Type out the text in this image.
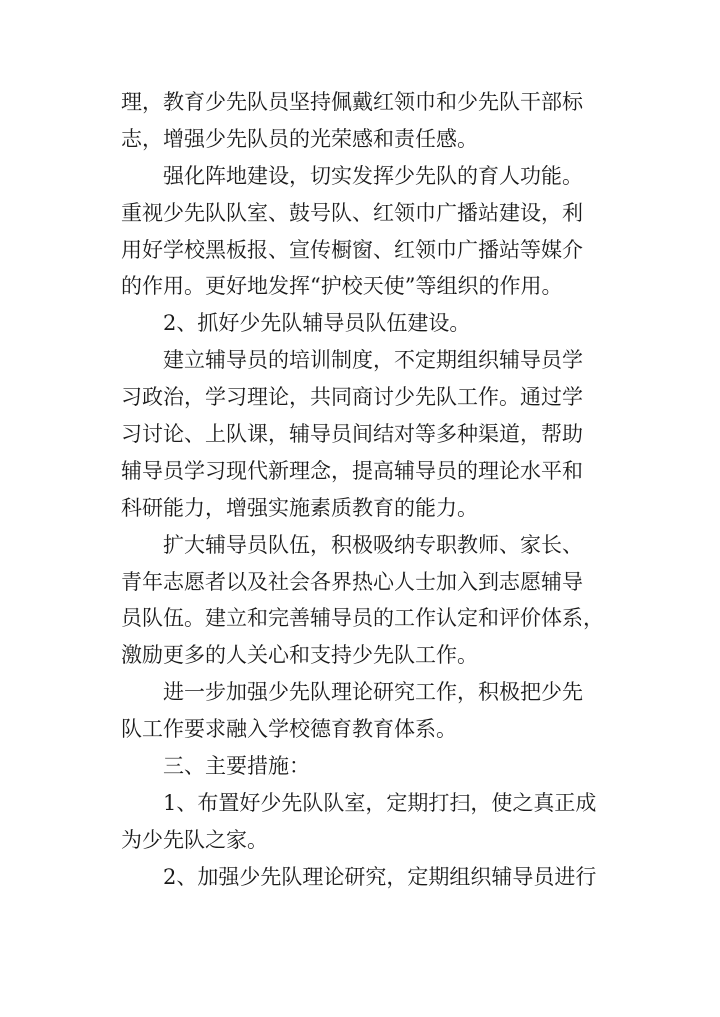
理，教育少先队员坚持佩戴红领巾和少先队干部标
志，增强少先队员的光荣感和责任感。
强化阵地建设，切实发挥少先队的育人功能。
重视少先队队室、鼓号队、红领巾广播站建设，利
用好学校黑板报、宣传橱窗、红领巾广播站等媒介
的作用。更好地发挥“护校天使”等组织的作用。
2、抓好少先队辅导员队伍建设。
建立辅导员的培训制度，不定期组织辅导员学
习政治，学习理论，共同商讨少先队工作。通过学
习讨论、上队课，辅导员间结对等多种渠道，帮助
辅导员学习现代新理念，提高辅导员的理论水平和
科研能力，增强实施素质教育的能力。
扩大辅导员队伍，积极吸纳专职教师、家长、
青年志愿者以及社会各界热心人士加入到志愿辅导
员队伍。建立和完善辅导员的工作认定和评价体系，
激励更多的人关心和支持少先队工作。
进一步加强少先队理论研究工作，积极把少先
队工作要求融入学校德育教育体系。
三、主要措施：
1、布置好少先队队室，定期打扫，使之真正成
为少先队之家。
2、加强少先队理论研究，定期组织辅导员进行
